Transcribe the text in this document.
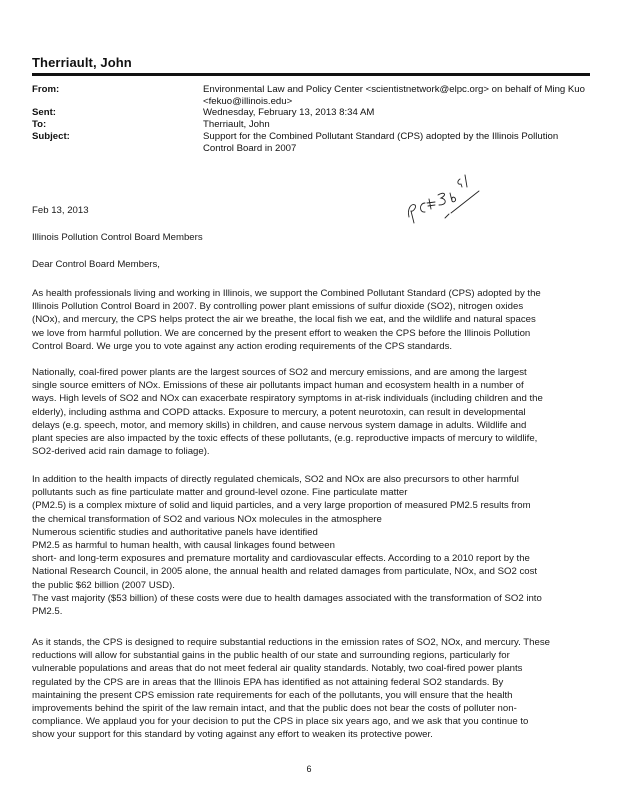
Therriault, John
From:	Environmental Law and Policy Center <scientistnetwork@elpc.org> on behalf of Ming Kuo <fekuo@illinois.edu>
Sent:	Wednesday, February 13, 2013 8:34 AM
To:	Therriault, John
Subject:	Support for the Combined Pollutant Standard (CPS) adopted by the Illinois Pollution Control Board in 2007
Feb 13, 2013
Illinois Pollution Control Board Members
Dear Control Board Members,
As health professionals living and working in Illinois, we support the Combined Pollutant Standard (CPS) adopted by the
Illinois Pollution Control Board in 2007. By controlling power plant emissions of sulfur dioxide (SO2), nitrogen oxides
(NOx), and mercury, the CPS helps protect the air we breathe, the local fish we eat, and the wildlife and natural spaces
we love from harmful pollution. We are concerned by the present effort to weaken the CPS before the Illinois Pollution
Control Board. We urge you to vote against any action eroding requirements of the CPS standards.
Nationally, coal-fired power plants are the largest sources of SO2 and mercury emissions, and are among the largest
single source emitters of NOx. Emissions of these air pollutants impact human and ecosystem health in a number of
ways. High levels of SO2 and NOx can exacerbate respiratory symptoms in at-risk individuals (including children and the
elderly), including asthma and COPD attacks. Exposure to mercury, a potent neurotoxin, can result in developmental
delays (e.g. speech, motor, and memory skills) in children, and cause nervous system damage in adults. Wildlife and
plant species are also impacted by the toxic effects of these pollutants, (e.g. reproductive impacts of mercury to wildlife,
SO2-derived acid rain damage to foliage).
In addition to the health impacts of directly regulated chemicals, SO2 and NOx are also precursors to other harmful
pollutants such as fine particulate matter and ground-level ozone. Fine particulate matter
(PM2.5) is a complex mixture of solid and liquid particles, and a very large proportion of measured PM2.5 results from
the chemical transformation of SO2 and various NOx molecules in the atmosphere
Numerous scientific studies and authoritative panels have identified
PM2.5 as harmful to human health, with causal linkages found between
short- and long-term exposures and premature mortality and cardiovascular effects. According to a 2010 report by the
National Research Council, in 2005 alone, the annual health and related damages from particulate, NOx, and SO2 cost
the public $62 billion (2007 USD).
The vast majority ($53 billion) of these costs were due to health damages associated with the transformation of SO2 into
PM2.5.
As it stands, the CPS is designed to require substantial reductions in the emission rates of SO2, NOx, and mercury. These
reductions will allow for substantial gains in the public health of our state and surrounding regions, particularly for
vulnerable populations and areas that do not meet federal air quality standards. Notably, two coal-fired power plants
regulated by the CPS are in areas that the Illinois EPA has identified as not attaining federal SO2 standards. By
maintaining the present CPS emission rate requirements for each of the pollutants, you will ensure that the health
improvements behind the spirit of the law remain intact, and that the public does not bear the costs of polluter non-
compliance. We applaud you for your decision to put the CPS in place six years ago, and we ask that you continue to
show your support for this standard by voting against any effort to weaken its protective power.
6
